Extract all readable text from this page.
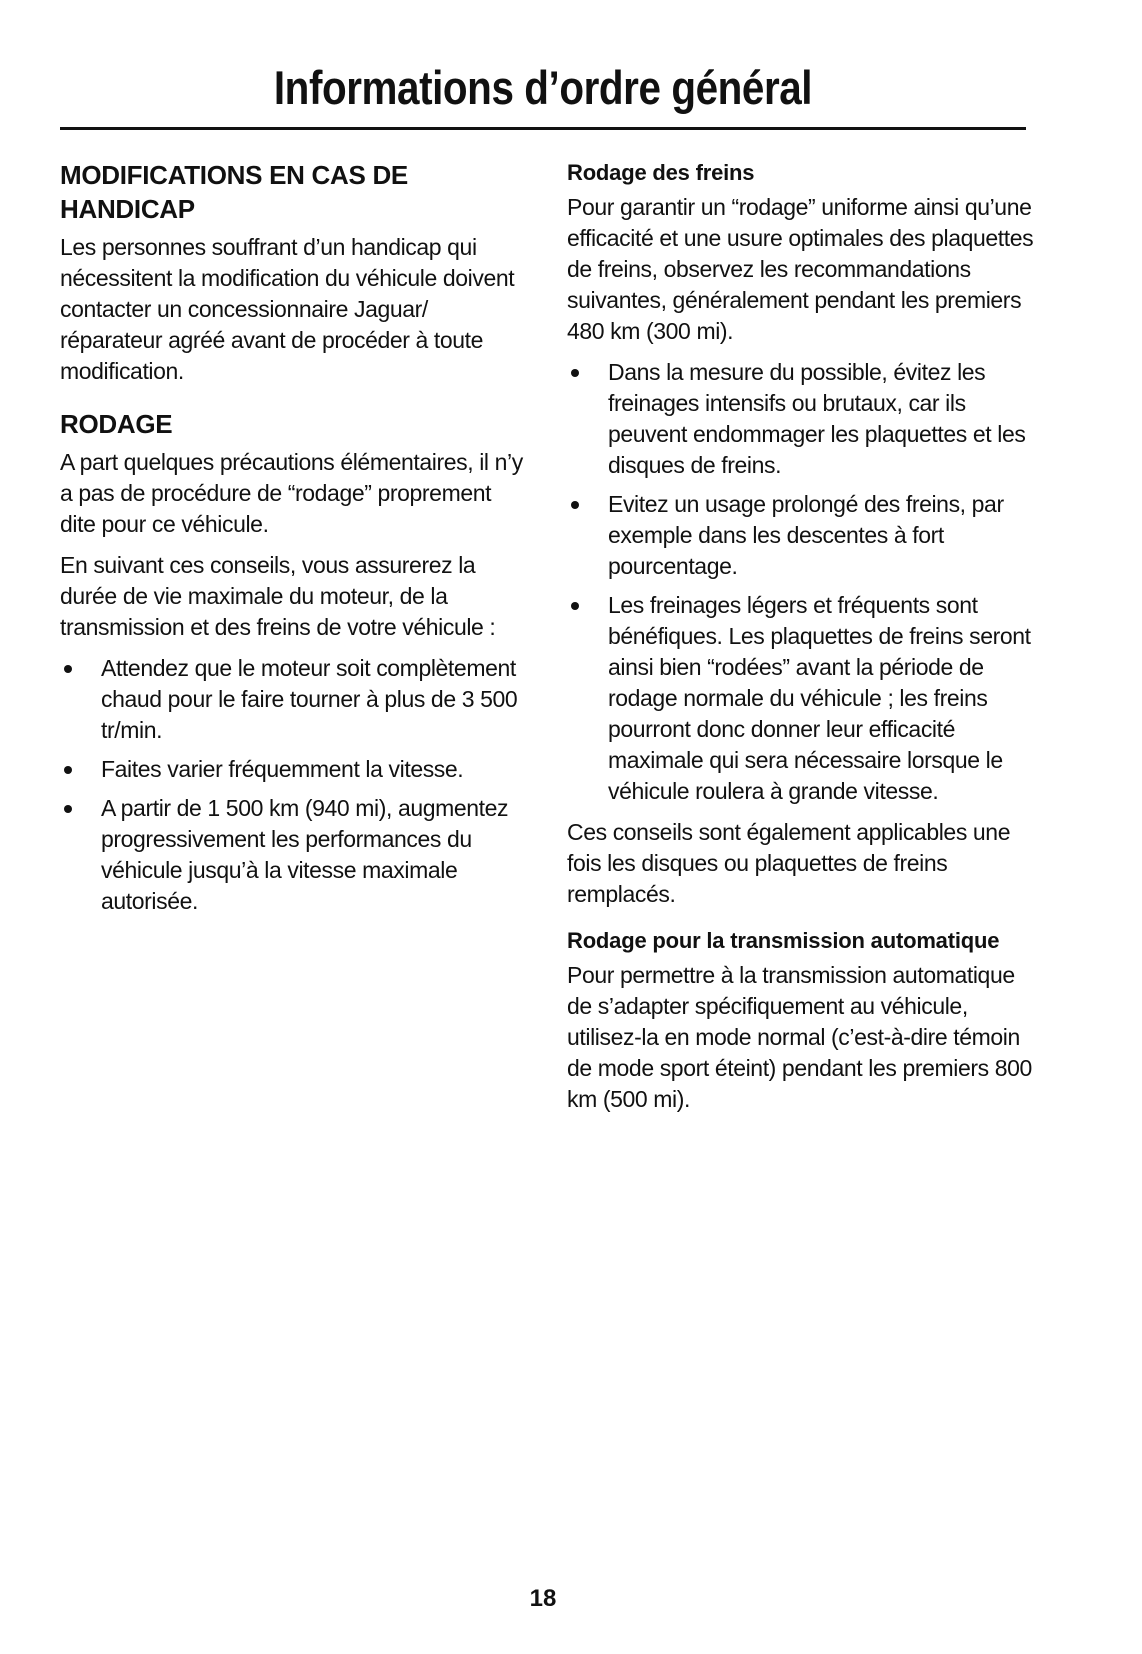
Informations d’ordre général
MODIFICATIONS EN CAS DE HANDICAP

Les personnes souffrant d’un handicap qui nécessitent la modification du véhicule doivent contacter un concessionnaire Jaguar/ réparateur agréé avant de procéder à toute modification.

RODAGE

A part quelques précautions élémentaires, il n’y a pas de procédure de “rodage” proprement dite pour ce véhicule.

En suivant ces conseils, vous assurerez la durée de vie maximale du moteur, de la transmission et des freins de votre véhicule :

Attendez que le moteur soit complètement chaud pour le faire tourner à plus de 3 500 tr/min.
Faites varier fréquemment la vitesse.
A partir de 1 500 km (940 mi), augmentez progressivement les performances du véhicule jusqu’à la vitesse maximale autorisée.
Rodage des freins

Pour garantir un “rodage” uniforme ainsi qu’une efficacité et une usure optimales des plaquettes de freins, observez les recommandations suivantes, généralement pendant les premiers 480 km (300 mi).

Dans la mesure du possible, évitez les freinages intensifs ou brutaux, car ils peuvent endommager les plaquettes et les disques de freins.
Evitez un usage prolongé des freins, par exemple dans les descentes à fort pourcentage.
Les freinages légers et fréquents sont bénéfiques. Les plaquettes de freins seront ainsi bien “rodées” avant la période de rodage normale du véhicule ; les freins pourront donc donner leur efficacité maximale qui sera nécessaire lorsque le véhicule roulera à grande vitesse.

Ces conseils sont également applicables une fois les disques ou plaquettes de freins remplacés.

Rodage pour la transmission automatique

Pour permettre à la transmission automatique de s’adapter spécifiquement au véhicule, utilisez-la en mode normal (c’est-à-dire témoin de mode sport éteint) pendant les premiers 800 km (500 mi).

18
